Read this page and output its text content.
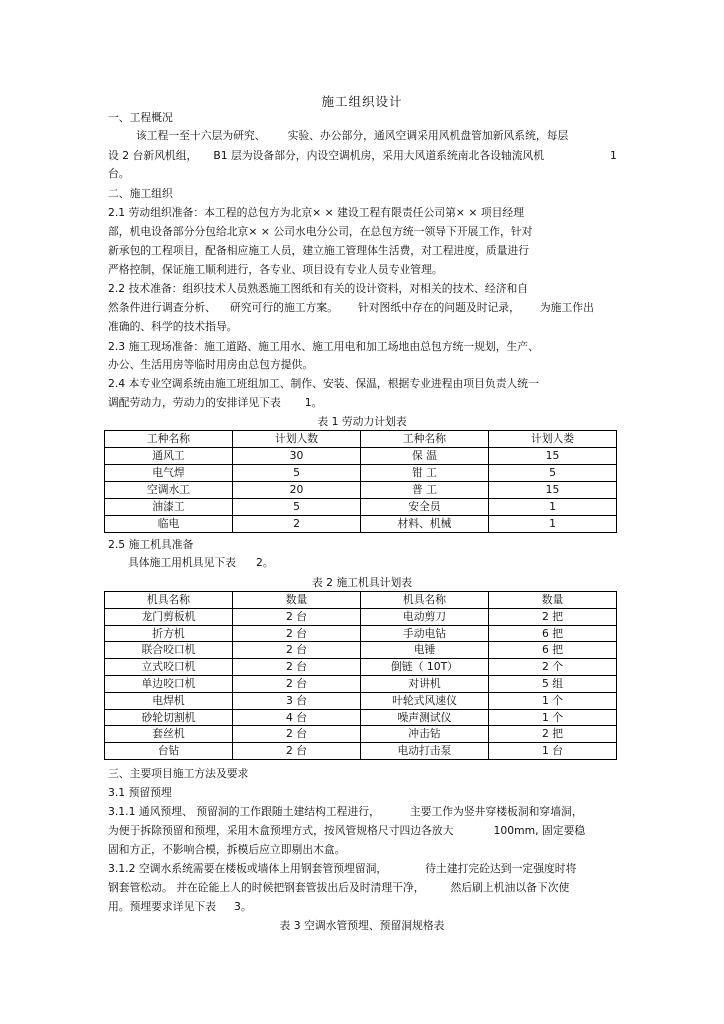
施工组织设计
一、工程概况
该工程一至十六层为研究、 实验、办公部分，通风空调采用风机盘管加新风系统，每层
设 2 台新风机组， B1 层为设备部分，内设空调机房，采用大风道系统南北各设轴流风机	1
台。
二、施工组织
2.1 劳动组织准备：本工程的总包方为北京× × 建设工程有限责任公司第× × 项目经理
部，机电设备部分分包给北京× × 公司水电分公司，在总包方统一领导下开展工作，针对
新承包的工程项目，配备相应施工人员，建立施工管理体生活费，对工程进度，质量进行
严格控制，保证施工顺利进行，各专业、项目设有专业人员专业管理。
2.2 技术准备：组织技术人员熟悉施工图纸和有关的设计资料，对相关的技术、经济和自
然条件进行调查分析、 研究可行的施工方案。 针对图纸中存在的问题及时记录， 为施工作出
准确的、科学的技术指导。
2.3 施工现场准备：施工道路、施工用水、施工用电和加工场地由总包方统一规划，生产、
办公、生活用房等临时用房由总包方提供。
2.4 本专业空调系统由施工班组加工、制作、安装、保温，根据专业进程由项目负责人统一
调配劳动力，劳动力的安排详见下表 1。
表 1 劳动力计划表
工种名称	计划人数	工种名称	计划人娄
通风工	30	保 温	15
电气焊	5	钳 工	5
空调水工	20	普 工	15
油漆工	5	安全员	1
临电	2	材料、机械	1
2.5 施工机具准备
具体施工用机具见下表 2。
表 2 施工机具计划表
机具名称	数量	机具名称	数量
龙门剪板机	2 台	电动剪刀	2 把
折方机	2 台	手动电钻	6 把
联合咬口机	2 台	电锤	6 把
立式咬口机	2 台	倒链（ 10T）	2 个
单边咬口机	2 台	对讲机	5 组
电焊机	3 台	叶轮式风速仪	1 个
砂轮切割机	4 台	噪声测试仪	1 个
套丝机	2 台	冲击钻	2 把
台钻	2 台	电动打击泵	1 台
三、主要项目施工方法及要求
3.1 预留预埋
3.1.1 通风预埋、 预留洞的工作跟随土建结构工程进行，	主要工作为竖井穿楼板洞和穿墙洞，
为便于拆除预留和预埋，采用木盒预埋方式，按风管规格尺寸四边各放大	100mm, 固定要稳
固和方正，不影响合模，拆模后应立即剔出木盒。
3.1.2 空调水系统需要在楼板或墙体上用钢套管预埋留洞，	待土建打完砼达到一定强度时将
钢套管松动。 并在砼能上人的时候把钢套管拔出后及时清理干净， 然后刷上机油以备下次使
用。预埋要求详见下表 3。
表 3 空调水管预埋、预留洞规格表
